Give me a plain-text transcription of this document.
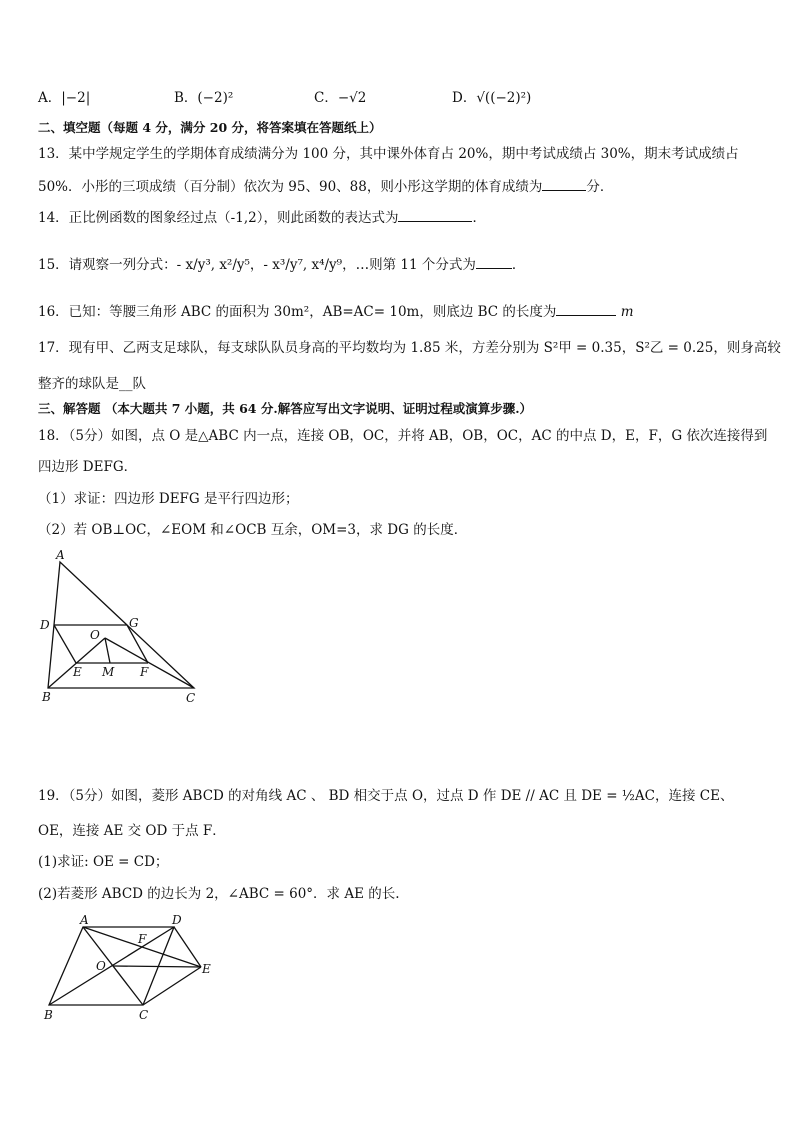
A．|−2|	B．(−2)²	C．−√2	D．√((−2)²)
二、填空题（每题 4 分，满分 20 分，将答案填在答题纸上）
13．某中学规定学生的学期体育成绩满分为 100 分，其中课外体育占 20%，期中考试成绩占 30%，期末考试成绩占
50%．小彤的三项成绩（百分制）依次为 95、90、88，则小彤这学期的体育成绩为	分．
14．正比例函数的图象经过点（-1,2），则此函数的表达式为	．
15．请观察一列分式：- x/y³, x²/y⁵，- x³/y⁷, x⁴/y⁹，…则第 11 个分式为	．
16．已知：等腰三角形 ABC 的面积为 30m²，AB=AC= 10m，则底边 BC 的长度为	m
17．现有甲、乙两支足球队，每支球队队员身高的平均数均为 1.85 米，方差分别为 S²甲 = 0.35，S²乙 = 0.25，则身高较
整齐的球队是__队
三、解答题 （本大题共 7 小题，共 64 分.解答应写出文字说明、证明过程或演算步骤.）
18．（5分）如图，点 O 是△ABC 内一点，连接 OB，OC，并将 AB，OB，OC，AC 的中点 D，E，F，G 依次连接得到
四边形 DEFG．
（1）求证：四边形 DEFG 是平行四边形；
（2）若 OB⊥OC，∠EOM 和∠OCB 互余，OM=3，求 DG 的长度．
A
D	G
O
E M F
B	C
19．（5分）如图，菱形 ABCD 的对角线 AC 、 BD 相交于点 O，过点 D 作 DE // AC 且 DE = ½AC，连接 CE、
OE，连接 AE 交 OD 于点 F．
(1)求证: OE = CD；
(2)若菱形 ABCD 的边长为 2，∠ABC = 60°．求 AE 的长.
A	D
F
O	E
B	C
